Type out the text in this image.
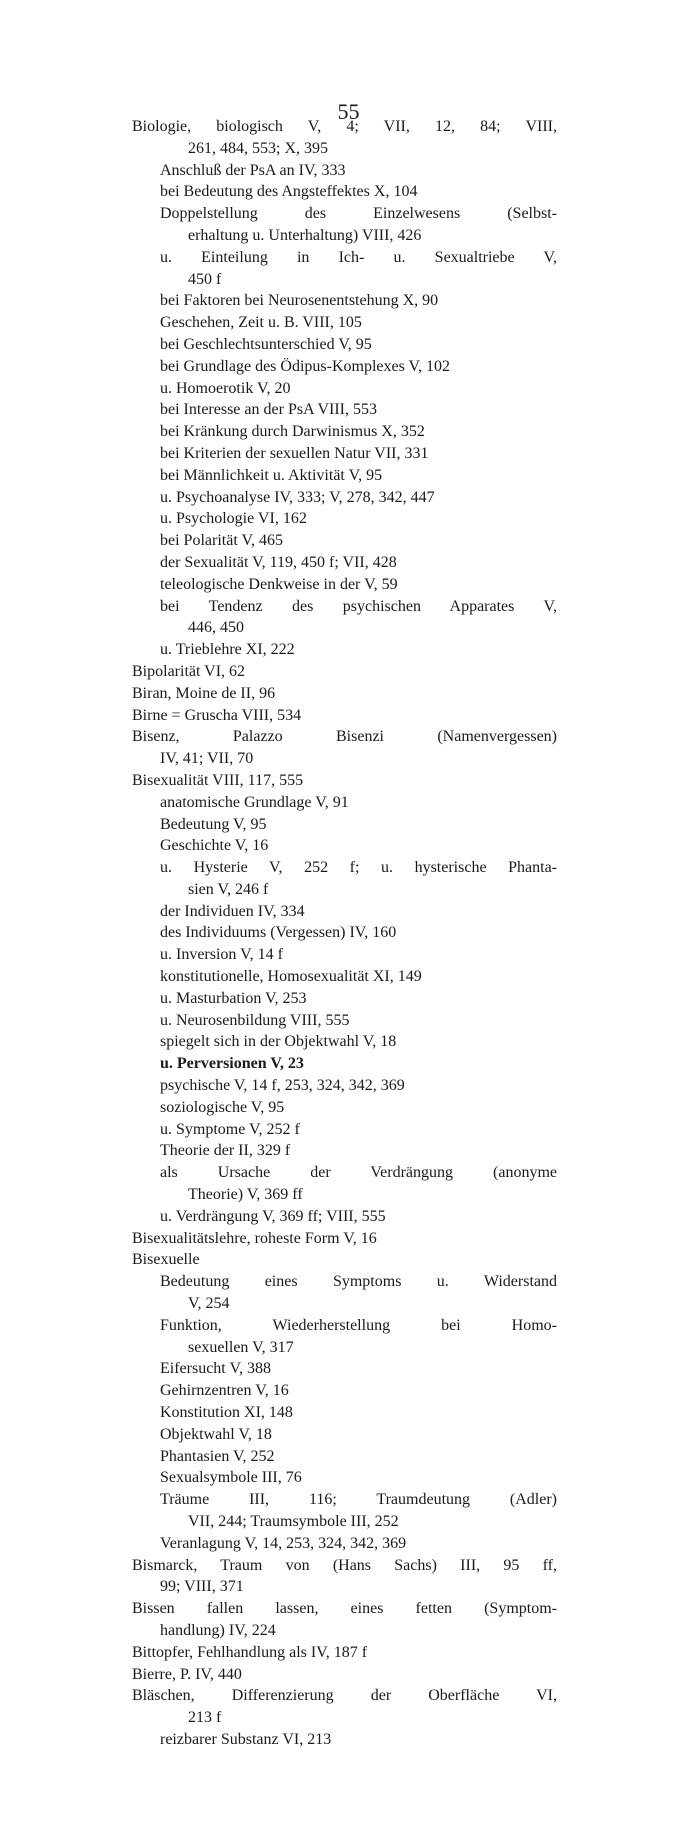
55
Biologie, biologisch V, 4; VII, 12, 84; VIII,
261, 484, 553; X, 395
Anschluß der PsA an IV, 333
bei Bedeutung des Angsteffektes X, 104
Doppelstellung des Einzelwesens (Selbst-
erhaltung u. Unterhaltung) VIII, 426
u. Einteilung in Ich- u. Sexualtriebe V,
450 f
bei Faktoren bei Neurosenentstehung X, 90
Geschehen, Zeit u. B. VIII, 105
bei Geschlechtsunterschied V, 95
bei Grundlage des Ödipus-Komplexes V, 102
u. Homoerotik V, 20
bei Interesse an der PsA VIII, 553
bei Kränkung durch Darwinismus X, 352
bei Kriterien der sexuellen Natur VII, 331
bei Männlichkeit u. Aktivität V, 95
u. Psychoanalyse IV, 333; V, 278, 342, 447
u. Psychologie VI, 162
bei Polarität V, 465
der Sexualität V, 119, 450 f; VII, 428
teleologische Denkweise in der V, 59
bei Tendenz des psychischen Apparates V,
446, 450
u. Trieblehre XI, 222
Bipolarität VI, 62
Biran, Moine de II, 96
Birne = Gruscha VIII, 534
Bisenz, Palazzo Bisenzi (Namenvergessen)
IV, 41; VII, 70
Bisexualität VIII, 117, 555
anatomische Grundlage V, 91
Bedeutung V, 95
Geschichte V, 16
u. Hysterie V, 252 f; u. hysterische Phanta-
sien V, 246 f
der Individuen IV, 334
des Individuums (Vergessen) IV, 160
u. Inversion V, 14 f
konstitutionelle, Homosexualität XI, 149
u. Masturbation V, 253
u. Neurosenbildung VIII, 555
spiegelt sich in der Objektwahl V, 18
u. Perversionen V, 23
psychische V, 14 f, 253, 324, 342, 369
soziologische V, 95
u. Symptome V, 252 f
Theorie der II, 329 f
als Ursache der Verdrängung (anonyme
Theorie) V, 369 ff
u. Verdrängung V, 369 ff; VIII, 555
Bisexualitätslehre, roheste Form V, 16
Bisexuelle
Bedeutung eines Symptoms u. Widerstand
V, 254
Funktion, Wiederherstellung bei Homo-
sexuellen V, 317
Eifersucht V, 388
Gehirnzentren V, 16
Konstitution XI, 148
Objektwahl V, 18
Phantasien V, 252
Sexualsymbole III, 76
Träume III, 116; Traumdeutung (Adler)
VII, 244; Traumsymbole III, 252
Veranlagung V, 14, 253, 324, 342, 369
Bismarck, Traum von (Hans Sachs) III, 95 ff,
99; VIII, 371
Bissen fallen lassen, eines fetten (Symptom-
handlung) IV, 224
Bittopfer, Fehlhandlung als IV, 187 f
Bierre, P. IV, 440
Bläschen, Differenzierung der Oberfläche VI,
213 f
reizbarer Substanz VI, 213
